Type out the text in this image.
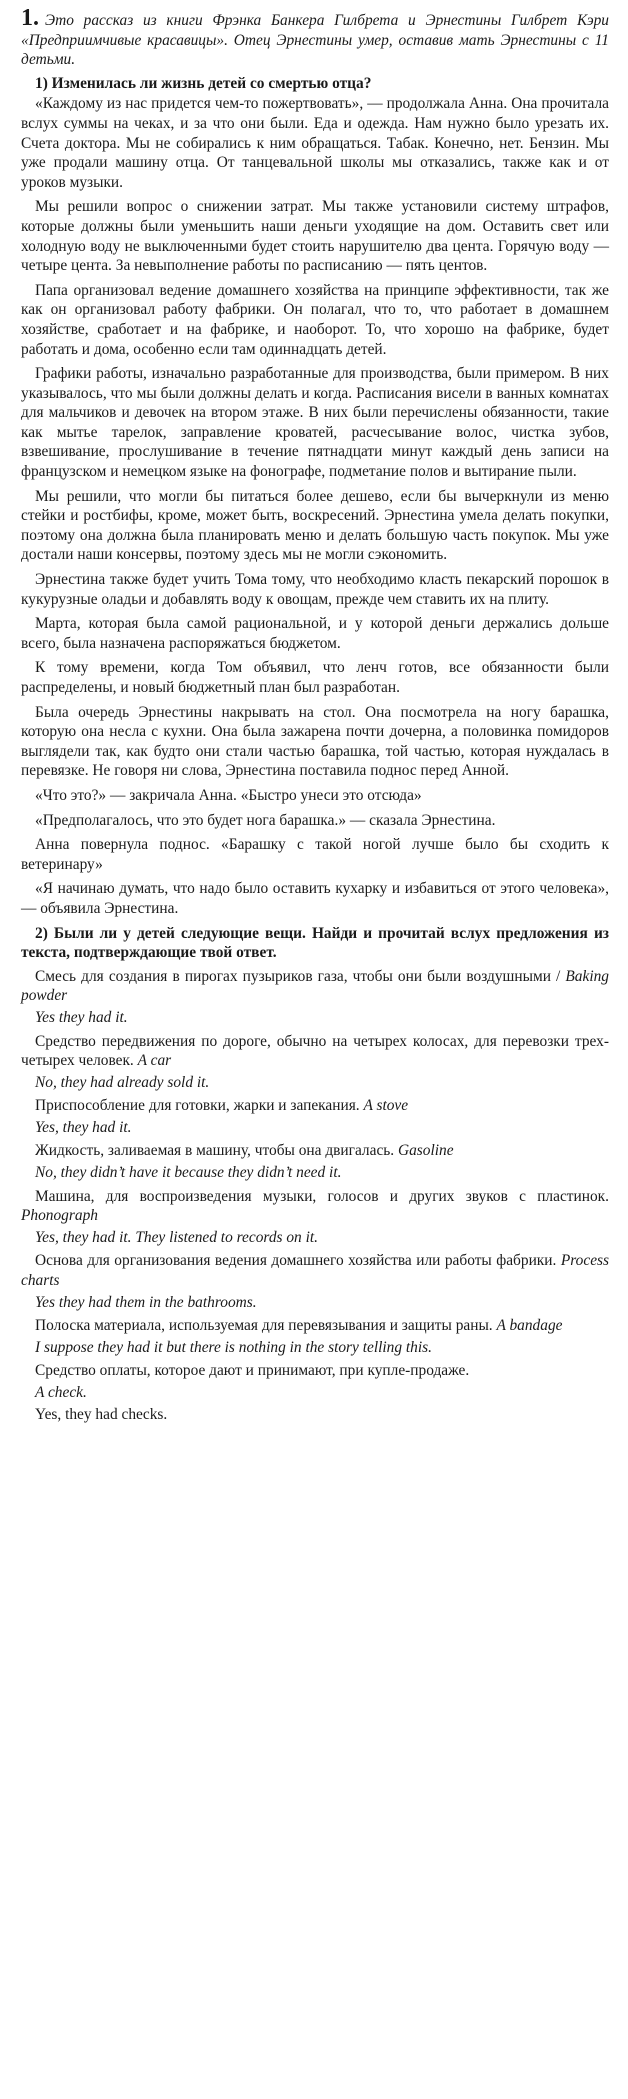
1. Это рассказ из книги Фрэнка Банкера Гилбрета и Эрнестины Гилбрет Кэри «Предприимчивые красавицы». Отец Эрнестины умер, оставив мать Эрнестины с 11 детьми.

1) Изменилась ли жизнь детей со смертью отца?

«Каждому из нас придется чем-то пожертвовать», — продолжала Анна. Она прочитала вслух суммы на чеках, и за что они были. Еда и одежда. Нам нужно было урезать их. Счета доктора. Мы не собирались к ним обращаться. Табак. Конечно, нет. Бензин. Мы уже продали машину отца. От танцевальной школы мы отказались, также как и от уроков музыки.

Мы решили вопрос о снижении затрат. Мы также установили систему штрафов, которые должны были уменьшить наши деньги уходящие на дом. Оставить свет или холодную воду не выключенными будет стоить нарушителю два цента. Горячую воду — четыре цента. За невыполнение работы по расписанию — пять центов.

Папа организовал ведение домашнего хозяйства на принципе эффективности, так же как он организовал работу фабрики. Он полагал, что то, что работает в домашнем хозяйстве, сработает и на фабрике, и наоборот. То, что хорошо на фабрике, будет работать и дома, особенно если там одиннадцать детей.

Графики работы, изначально разработанные для производства, были примером. В них указывалось, что мы были должны делать и когда. Расписания висели в ванных комнатах для мальчиков и девочек на втором этаже. В них были перечислены обязанности, такие как мытье тарелок, заправление кроватей, расчесывание волос, чистка зубов, взвешивание, прослушивание в течение пятнадцати минут каждый день записи на французском и немецком языке на фонографе, подметание полов и вытирание пыли.

Мы решили, что могли бы питаться более дешево, если бы вычеркнули из меню стейки и ростбифы, кроме, может быть, воскресений. Эрнестина умела делать покупки, поэтому она должна была планировать меню и делать большую часть покупок. Мы уже достали наши консервы, поэтому здесь мы не могли сэкономить.

Эрнестина также будет учить Тома тому, что необходимо класть пекарский порошок в кукурузные оладьи и добавлять воду к овощам, прежде чем ставить их на плиту.

Марта, которая была самой рациональной, и у которой деньги держались дольше всего, была назначена распоряжаться бюджетом.

К тому времени, когда Том объявил, что ленч готов, все обязанности были распределены, и новый бюджетный план был разработан.

Была очередь Эрнестины накрывать на стол. Она посмотрела на ногу барашка, которую она несла с кухни. Она была зажарена почти дочерна, а половинка помидоров выглядели так, как будто они стали частью барашка, той частью, которая нуждалась в перевязке. Не говоря ни слова, Эрнестина поставила поднос перед Анной.

«Что это?» — закричала Анна. «Быстро унеси это отсюда»

«Предполагалось, что это будет нога барашка.» — сказала Эрнестина.

Анна повернула поднос. «Барашку с такой ногой лучше было бы сходить к ветеринару»

«Я начинаю думать, что надо было оставить кухарку и избавиться от этого человека», — объявила Эрнестина.

2) Были ли у детей следующие вещи. Найди и прочитай вслух предложения из текста, подтверждающие твой ответ.

Смесь для создания в пирогах пузыриков газа, чтобы они были воздушными / Baking powder

Yes they had it.

Средство передвижения по дороге, обычно на четырех колосах, для перевозки трех-четырех человек. A car

No, they had already sold it.

Приспособление для готовки, жарки и запекания. A stove

Yes, they had it.

Жидкость, заливаемая в машину, чтобы она двигалась. Gasoline

No, they didn’t have it because they didn’t need it.

Машина, для воспроизведения музыки, голосов и других звуков с пластинок. Phonograph

Yes, they had it. They listened to records on it.

Основа для организования ведения домашнего хозяйства или работы фабрики. Process charts

Yes they had them in the bathrooms.

Полоска материала, используемая для перевязывания и защиты раны. A bandage

I suppose they had it but there is nothing in the story telling this.

Средство оплаты, которое дают и принимают, при купле-продаже.

A check.

Yes, they had checks.
